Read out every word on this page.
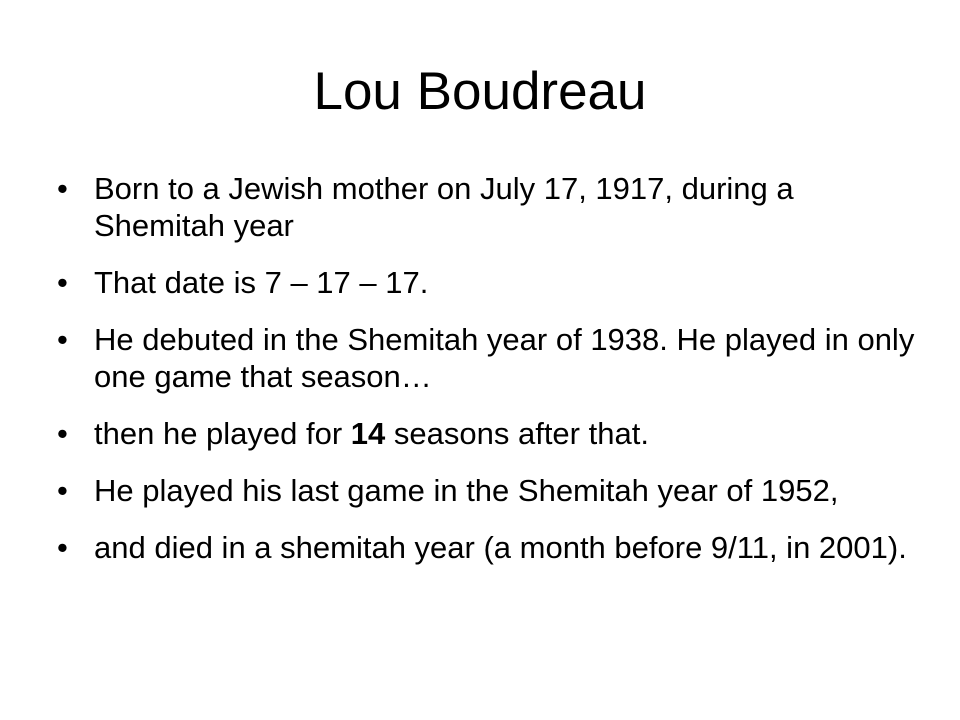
Lou Boudreau
• Born to a Jewish mother on July 17, 1917, during a Shemitah year
• That date is 7 – 17 – 17.
• He debuted in the Shemitah year of 1938. He played in only one game that season…
• then he played for 14 seasons after that.
• He played his last game in the Shemitah year of 1952,
• and died in a shemitah year (a month before 9/11, in 2001).
